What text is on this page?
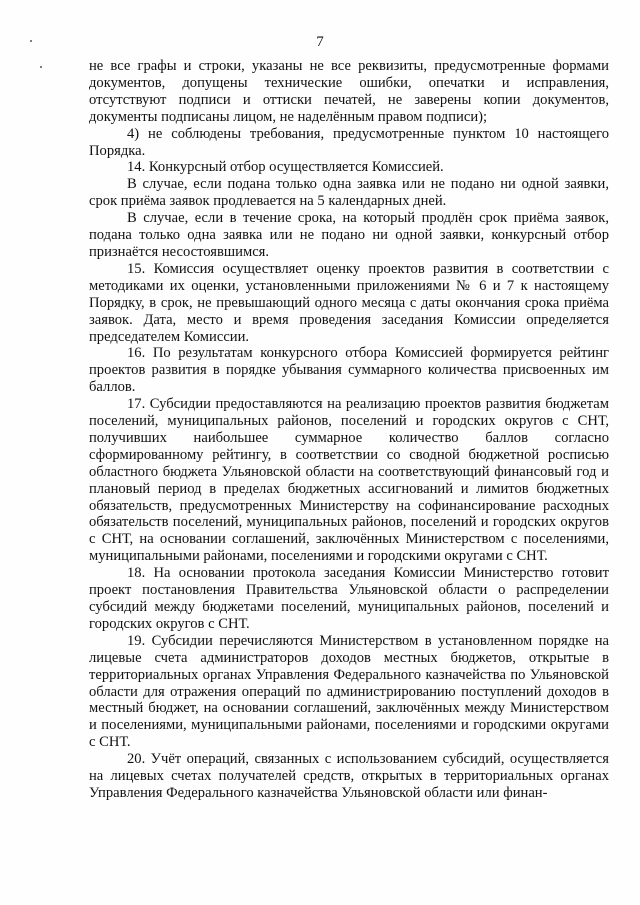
7

не все графы и строки, указаны не все реквизиты, предусмотренные формами документов, допущены технические ошибки, опечатки и исправления, отсутствуют подписи и оттиски печатей, не заверены копии документов, документы подписаны лицом, не наделённым правом подписи);

4) не соблюдены требования, предусмотренные пунктом 10 настоящего Порядка.

14. Конкурсный отбор осуществляется Комиссией.

В случае, если подана только одна заявка или не подано ни одной заявки, срок приёма заявок продлевается на 5 календарных дней.

В случае, если в течение срока, на который продлён срок приёма заявок, подана только одна заявка или не подано ни одной заявки, конкурсный отбор признаётся несостоявшимся.

15. Комиссия осуществляет оценку проектов развития в соответствии с методиками их оценки, установленными приложениями № 6 и 7 к настоящему Порядку, в срок, не превышающий одного месяца с даты окончания срока приёма заявок. Дата, место и время проведения заседания Комиссии определяется председателем Комиссии.

16. По результатам конкурсного отбора Комиссией формируется рейтинг проектов развития в порядке убывания суммарного количества присвоенных им баллов.

17. Субсидии предоставляются на реализацию проектов развития бюджетам поселений, муниципальных районов, поселений и городских округов с СНТ, получивших наибольшее суммарное количество баллов согласно сформированному рейтингу, в соответствии со сводной бюджетной росписью областного бюджета Ульяновской области на соответствующий финансовый год и плановый период в пределах бюджетных ассигнований и лимитов бюджетных обязательств, предусмотренных Министерству на софинансирование расходных обязательств поселений, муниципальных районов, поселений и городских округов с СНТ, на основании соглашений, заключённых Министерством с поселениями, муниципальными районами, поселениями и городскими округами с СНТ.

18. На основании протокола заседания Комиссии Министерство готовит проект постановления Правительства Ульяновской области о распределении субсидий между бюджетами поселений, муниципальных районов, поселений и городских округов с СНТ.

19. Субсидии перечисляются Министерством в установленном порядке на лицевые счета администраторов доходов местных бюджетов, открытые в территориальных органах Управления Федерального казначейства по Ульяновской области для отражения операций по администрированию поступлений доходов в местный бюджет, на основании соглашений, заключённых между Министерством и поселениями, муниципальными районами, поселениями и городскими округами с СНТ.

20. Учёт операций, связанных с использованием субсидий, осуществляется на лицевых счетах получателей средств, открытых в территориальных органах Управления Федерального казначейства Ульяновской области или финан-
